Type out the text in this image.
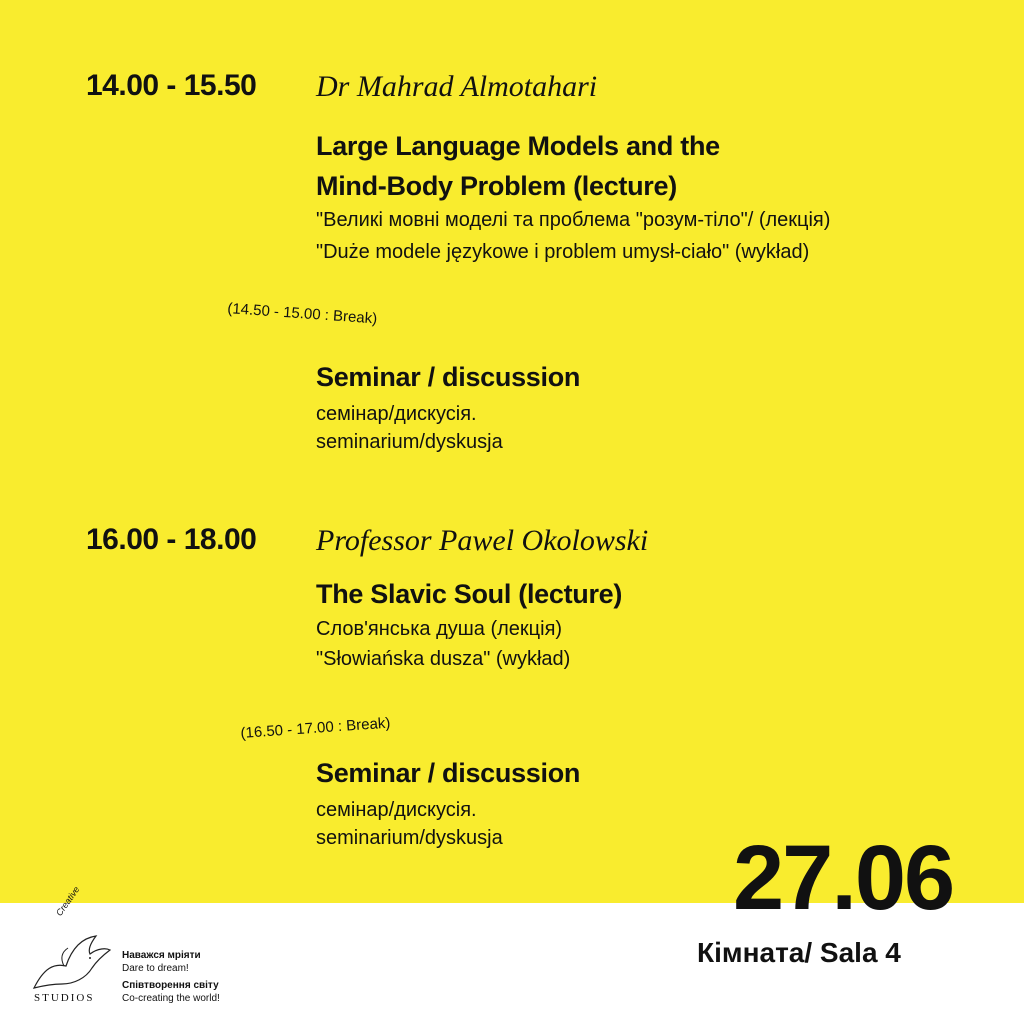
14.00 - 15.50 Dr Mahrad Almotahari
Large Language Models and the
Mind-Body Problem (lecture)
"Великі мовні моделі та проблема "розум-тіло"/ (лекція)
"Duże modele językowe i problem umysł-ciało" (wykład)
(14.50 - 15.00 : Break)
Seminar / discussion
семінар/дискусія.
seminarium/dyskusja
16.00 - 18.00 Professor Pawel Okolowski
The Slavic Soul (lecture)
Слов'янська душа (лекція)
"Słowiańska dusza" (wykład)
(16.50 - 17.00 : Break)
Seminar / discussion
семінар/дискусія.
seminarium/dyskusja	27.06
Кімната/ Sala 4
Creative
STUDIOS
Наважся мріяти
Dare to dream!
Співтворення світу
Co-creating the world!
